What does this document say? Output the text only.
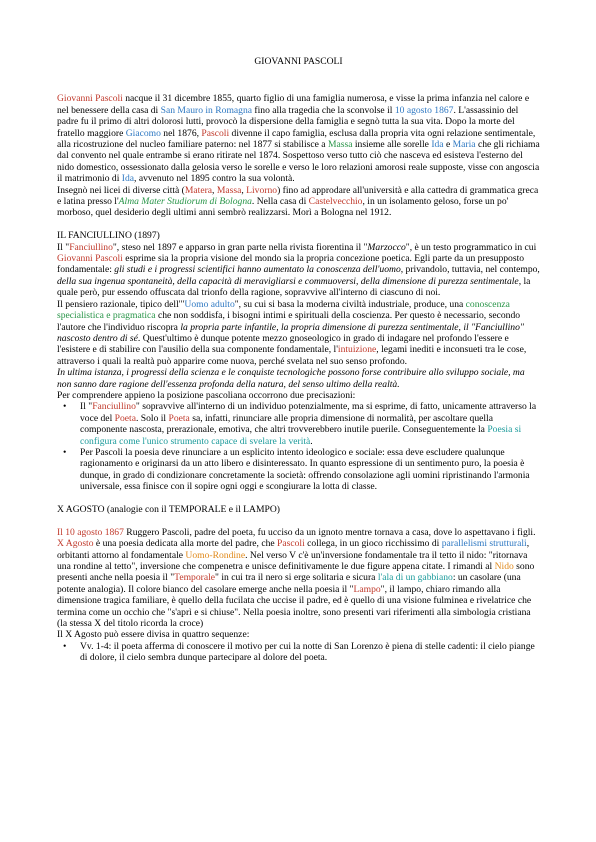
GIOVANNI PASCOLI

Giovanni Pascoli nacque il 31 dicembre 1855, quarto figlio di una famiglia numerosa, e visse la prima infanzia nel calore e nel benessere della casa di San Mauro in Romagna fino alla tragedia che la sconvolse il 10 agosto 1867. L'assassinio del padre fu il primo di altri dolorosi lutti, provocò la dispersione della famiglia e segnò tutta la sua vita. Dopo la morte del fratello maggiore Giacomo nel 1876, Pascoli divenne il capo famiglia, esclusa dalla propria vita ogni relazione sentimentale, alla ricostruzione del nucleo familiare paterno: nel 1877 si stabilisce a Massa insieme alle sorelle Ida e Maria che gli richiama dal convento nel quale entrambe si erano ritirate nel 1874. Sospettoso verso tutto ciò che nasceva ed esisteva l'esterno del nido domestico, ossessionato dalla gelosia verso le sorelle e verso le loro relazioni amorosi reale supposte, visse con angoscia il matrimonio di Ida, avvenuto nel 1895 contro la sua volontà.

Insegnò nei licei di diverse città (Matera, Massa, Livorno) fino ad approdare all'università e alla cattedra di grammatica greca e latina presso l'Alma Mater Studiorum di Bologna. Nella casa di Castelvecchio, in un isolamento geloso, forse un po' morboso, quel desiderio degli ultimi anni sembrò realizzarsi. Morì a Bologna nel 1912.

IL FANCIULLINO (1897)

Il "Fanciullino", steso nel 1897 e apparso in gran parte nella rivista fiorentina il "Marzocco", è un testo programmatico in cui Giovanni Pascoli esprime sia la propria visione del mondo sia la propria concezione poetica. Egli parte da un presupposto fondamentale: gli studi e i progressi scientifici hanno aumentato la conoscenza dell'uomo, privandolo, tuttavia, nel contempo, della sua ingenua spontaneità, della capacità di meravigliarsi e commuoversi, della dimensione di purezza sentimentale, la quale però, pur essendo offuscata dal trionfo della ragione, sopravvive all'interno di ciascuno di noi.

Il pensiero razionale, tipico dell'"Uomo adulto", su cui si basa la moderna civiltà industriale, produce, una conoscenza specialistica e pragmatica che non soddisfa, i bisogni intimi e spirituali della coscienza. Per questo è necessario, secondo l'autore che l'individuo riscopra la propria parte infantile, la propria dimensione di purezza sentimentale, il "Fanciullino" nascosto dentro di sé. Quest'ultimo è dunque potente mezzo gnoseologico in grado di indagare nel profondo l'essere e l'esistere e di stabilire con l'ausilio della sua componente fondamentale, l'intuizione, legami inediti e inconsueti tra le cose, attraverso i quali la realtà può apparire come nuova, perché svelata nel suo senso profondo.

In ultima istanza, i progressi della scienza e le conquiste tecnologiche possono forse contribuire allo sviluppo sociale, ma non sanno dare ragione dell'essenza profonda della natura, del senso ultimo della realtà.

Per comprendere appieno la posizione pascoliana occorrono due precisazioni:

• Il "Fanciullino" sopravvive all'interno di un individuo potenzialmente, ma si esprime, di fatto, unicamente attraverso la voce del Poeta. Solo il Poeta sa, infatti, rinunciare alle propria dimensione di normalità, per ascoltare quella componente nascosta, prerazionale, emotiva, che altri trovverebbero inutile puerile. Conseguentemente la Poesia si configura come l'unico strumento capace di svelare la verità.
• Per Pascoli la poesia deve rinunciare a un esplicito intento ideologico e sociale: essa deve escludere qualunque ragionamento e originarsi da un atto libero e disinteressato. In quanto espressione di un sentimento puro, la poesia è dunque, in grado di condizionare concretamente la società: offrendo consolazione agli uomini ripristinando l'armonia universale, essa finisce con il sopire ogni oggi e scongiurare la lotta di classe.

X AGOSTO (analogie con il TEMPORALE e il LAMPO)

Il 10 agosto 1867 Ruggero Pascoli, padre del poeta, fu ucciso da un ignoto mentre tornava a casa, dove lo aspettavano i figli. X Agosto è una poesia dedicata alla morte del padre, che Pascoli collega, in un gioco ricchissimo di parallelismi strutturali, orbitanti attorno al fondamentale Uomo-Rondine. Nel verso V c'è un'inversione fondamentale tra il tetto il nido: "ritornava una rondine al tetto", inversione che compenetra e unisce definitivamente le due figure appena citate. I rimandi al Nido sono presenti anche nella poesia il "Temporale" in cui tra il nero si erge solitaria e sicura l'ala di un gabbiano: un casolare (una potente analogia). Il colore bianco del casolare emerge anche nella poesia il "Lampo", il lampo, chiaro rimando alla dimensione tragica familiare, è quello della fucilata che uccise il padre, ed è quello di una visione fulminea e rivelatrice che termina come un occhio che "s'aprì e si chiuse". Nella poesia inoltre, sono presenti vari riferimenti alla simbologia cristiana (la stessa X del titolo ricorda la croce)

Il X Agosto può essere divisa in quattro sequenze:

• Vv. 1-4: il poeta afferma di conoscere il motivo per cui la notte di San Lorenzo è piena di stelle cadenti: il cielo piange di dolore, il cielo sembra dunque partecipare al dolore del poeta.
